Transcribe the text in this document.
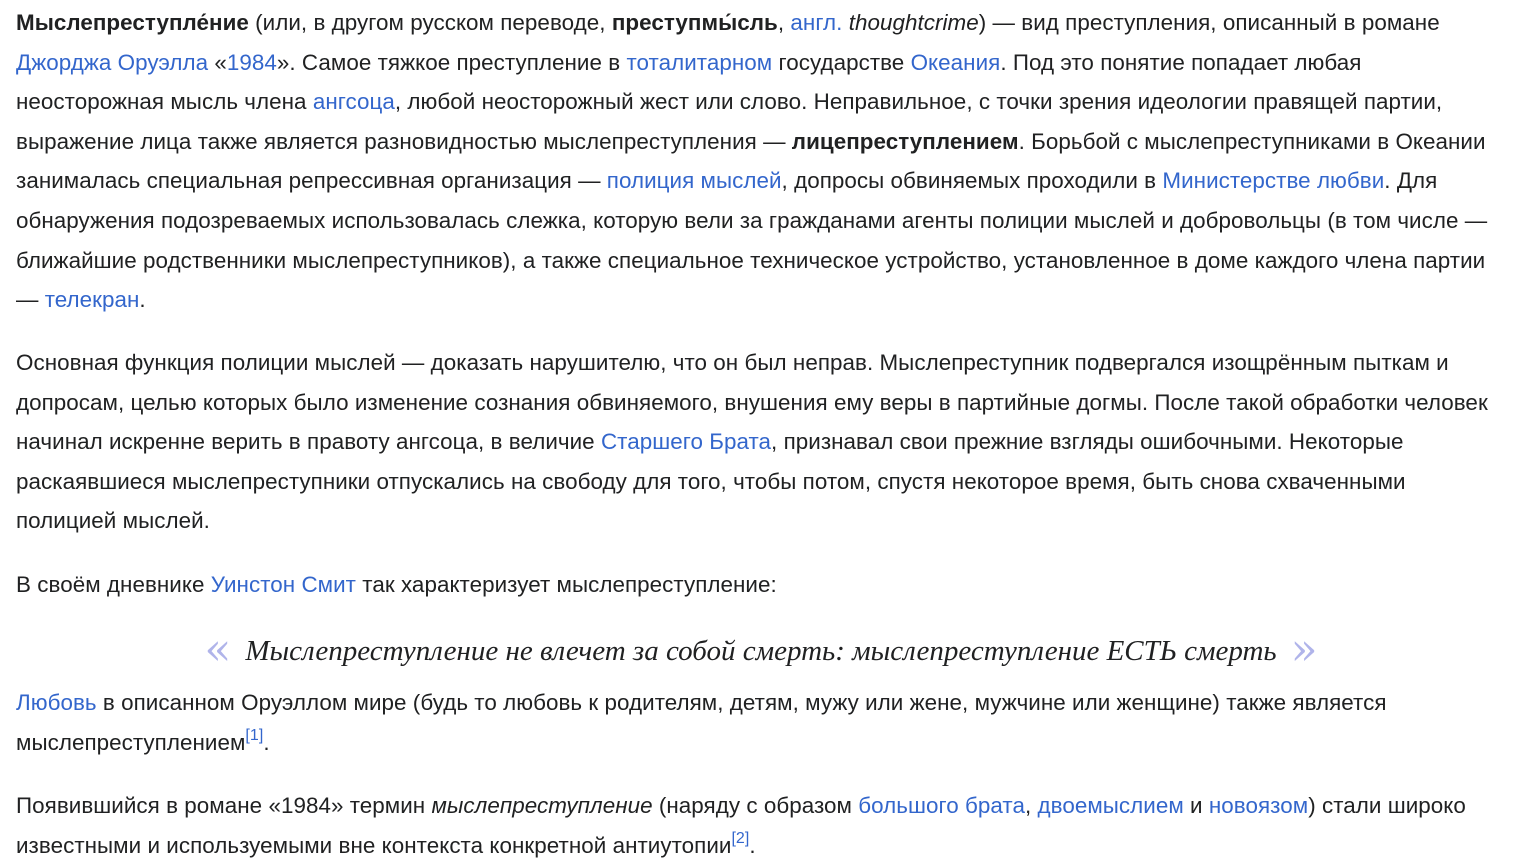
Мыслепреступле́ние (или, в другом русском переводе, преступмы́сль, англ. thoughtcrime) — вид преступления, описанный в романе Джорджа Оруэлла «1984». Самое тяжкое преступление в тоталитарном государстве Океания. Под это понятие попадает любая неосторожная мысль члена ангсоца, любой неосторожный жест или слово. Неправильное, с точки зрения идеологии правящей партии, выражение лица также является разновидностью мыслепреступления — лицепреступлением. Борьбой с мыслепреступниками в Океании занималась специальная репрессивная организация — полиция мыслей, допросы обвиняемых проходили в Министерстве любви. Для обнаружения подозреваемых использовалась слежка, которую вели за гражданами агенты полиции мыслей и добровольцы (в том числе — ближайшие родственники мыслепреступников), а также специальное техническое устройство, установленное в доме каждого члена партии — телекран.

Основная функция полиции мыслей — доказать нарушителю, что он был неправ. Мыслепреступник подвергался изощрённым пыткам и допросам, целью которых было изменение сознания обвиняемого, внушения ему веры в партийные догмы. После такой обработки человек начинал искренне верить в правоту ангсоца, в величие Старшего Брата, признавал свои прежние взгляды ошибочными. Некоторые раскаявшиеся мыслепреступники отпускались на свободу для того, чтобы потом, спустя некоторое время, быть снова схваченными полицией мыслей.

В своём дневнике Уинстон Смит так характеризует мыслепреступление:

« Мыслепреступление не влечет за собой смерть: мыслепреступление ЕСТЬ смерть »

Любовь в описанном Оруэллом мире (будь то любовь к родителям, детям, мужу или жене, мужчине или женщине) также является мыслепреступлением[1].

Появившийся в романе «1984» термин мыслепреступление (наряду с образом большого брата, двоемыслием и новоязом) стали широко известными и используемыми вне контекста конкретной антиутопии[2].
